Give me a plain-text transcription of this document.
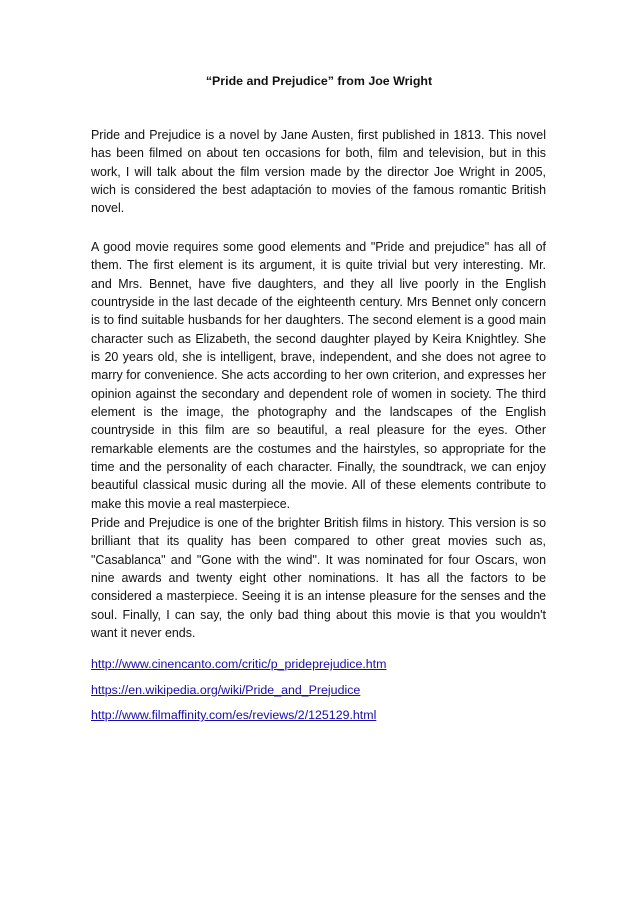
“Pride and Prejudice” from Joe Wright

Pride and Prejudice is a novel by Jane Austen, first published in 1813. This novel has been filmed on about ten occasions for both, film and television, but in this work, I will talk about the film version made by the director Joe Wright in 2005, wich is considered the best adaptación to movies of the famous romantic British novel.

A good movie requires some good elements and "Pride and prejudice" has all of them. The first element is its argument, it is quite trivial but very interesting. Mr. and Mrs. Bennet, have five daughters, and they all live poorly in the English countryside in the last decade of the eighteenth century. Mrs Bennet only concern is to find suitable husbands for her daughters. The second element is a good main character such as Elizabeth, the second daughter played by Keira Knightley. She is 20 years old, she is intelligent, brave, independent, and she does not agree to marry for convenience. She acts according to her own criterion, and expresses her opinion against the secondary and dependent role of women in society. The third element is the image, the photography and the landscapes of the English countryside in this film are so beautiful, a real pleasure for the eyes. Other remarkable elements are the costumes and the hairstyles, so appropriate for the time and the personality of each character. Finally, the soundtrack, we can enjoy beautiful classical music during all the movie. All of these elements contribute to make this movie a real masterpiece.

Pride and Prejudice is one of the brighter British films in history. This version is so brilliant that its quality has been compared to other great movies such as, "Casablanca" and "Gone with the wind". It was nominated for four Oscars, won nine awards and twenty eight other nominations. It has all the factors to be considered a masterpiece. Seeing it is an intense pleasure for the senses and the soul. Finally, I can say, the only bad thing about this movie is that you wouldn't want it never ends.

http://www.cinencanto.com/critic/p_prideprejudice.htm
https://en.wikipedia.org/wiki/Pride_and_Prejudice
http://www.filmaffinity.com/es/reviews/2/125129.html
